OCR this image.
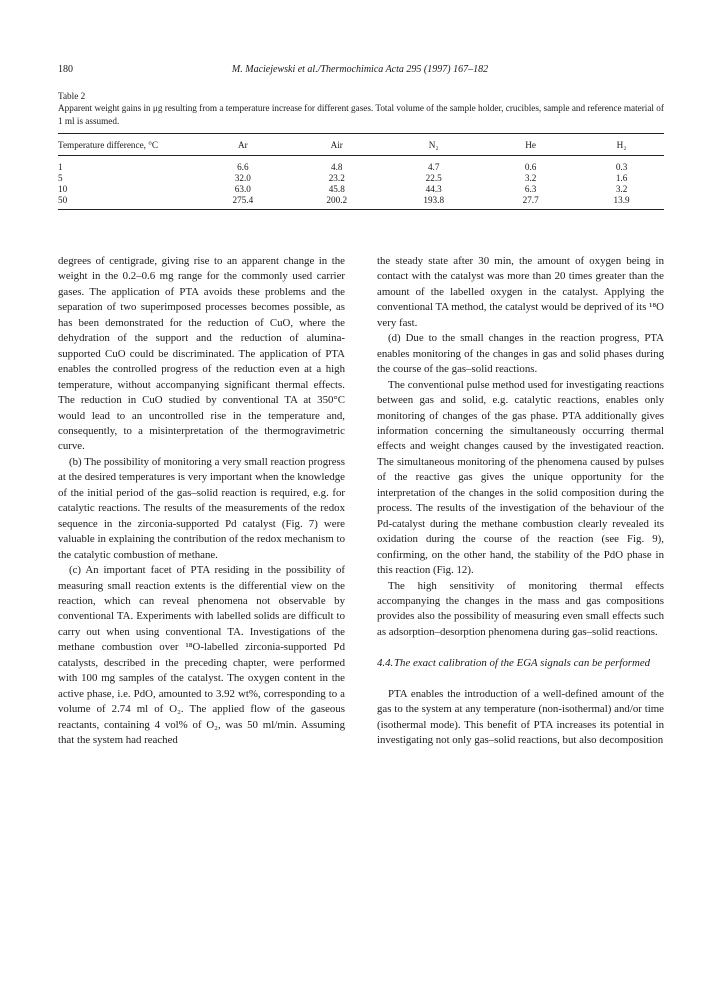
180	M. Maciejewski et al./Thermochimica Acta 295 (1997) 167–182
Table 2
Apparent weight gains in μg resulting from a temperature increase for different gases. Total volume of the sample holder, crucibles, sample and reference material of 1 ml is assumed.
Temperature difference, °C	Ar	Air	N₂	He	H₂
1	6.6	4.8	4.7	0.6	0.3
5	32.0	23.2	22.5	3.2	1.6
10	63.0	45.8	44.3	6.3	3.2
50	275.4	200.2	193.8	27.7	13.9

degrees of centigrade, giving rise to an apparent change in the weight in the 0.2–0.6 mg range for the commonly used carrier gases. The application of PTA avoids these problems and the separation of two superimposed processes becomes possible, as has been demonstrated for the reduction of CuO, where the dehydration of the support and the reduction of alumina-supported CuO could be discriminated. The application of PTA enables the controlled progress of the reduction even at a high temperature, without accompanying significant thermal effects. The reduction in CuO studied by conventional TA at 350°C would lead to an uncontrolled rise in the temperature and, consequently, to a misinterpretation of the thermogravimetric curve.

(b) The possibility of monitoring a very small reaction progress at the desired temperatures is very important when the knowledge of the initial period of the gas–solid reaction is required, e.g. for catalytic reactions. The results of the measurements of the redox sequence in the zirconia-supported Pd catalyst (Fig. 7) were valuable in explaining the contribution of the redox mechanism to the catalytic combustion of methane.

(c) An important facet of PTA residing in the possibility of measuring small reaction extents is the differential view on the reaction, which can reveal phenomena not observable by conventional TA. Experiments with labelled solids are difficult to carry out when using conventional TA. Investigations of the methane combustion over ¹⁸O-labelled zirconia-supported Pd catalysts, described in the preceding chapter, were performed with 100 mg samples of the catalyst. The oxygen content in the active phase, i.e. PdO, amounted to 3.92 wt%, corresponding to a volume of 2.74 ml of O₂. The applied flow of the gaseous reactants, containing 4 vol% of O₂, was 50 ml/min. Assuming that the system had reached

the steady state after 30 min, the amount of oxygen being in contact with the catalyst was more than 20 times greater than the amount of the labelled oxygen in the catalyst. Applying the conventional TA method, the catalyst would be deprived of its ¹⁸O very fast.

(d) Due to the small changes in the reaction progress, PTA enables monitoring of the changes in gas and solid phases during the course of the gas–solid reactions.

The conventional pulse method used for investigating reactions between gas and solid, e.g. catalytic reactions, enables only monitoring of changes of the gas phase. PTA additionally gives information concerning the simultaneously occurring thermal effects and weight changes caused by the investigated reaction. The simultaneous monitoring of the phenomena caused by pulses of the reactive gas gives the unique opportunity for the interpretation of the changes in the solid composition during the process. The results of the investigation of the behaviour of the Pd-catalyst during the methane combustion clearly revealed its oxidation during the course of the reaction (see Fig. 9), confirming, on the other hand, the stability of the PdO phase in this reaction (Fig. 12).

The high sensitivity of monitoring thermal effects accompanying the changes in the mass and gas compositions provides also the possibility of measuring even small effects such as adsorption–desorption phenomena during gas–solid reactions.

4.4.The exact calibration of the EGA signals can be performed

PTA enables the introduction of a well-defined amount of the gas to the system at any temperature (non-isothermal) and/or time (isothermal mode). This benefit of PTA increases its potential in investigating not only gas–solid reactions, but also decomposition
